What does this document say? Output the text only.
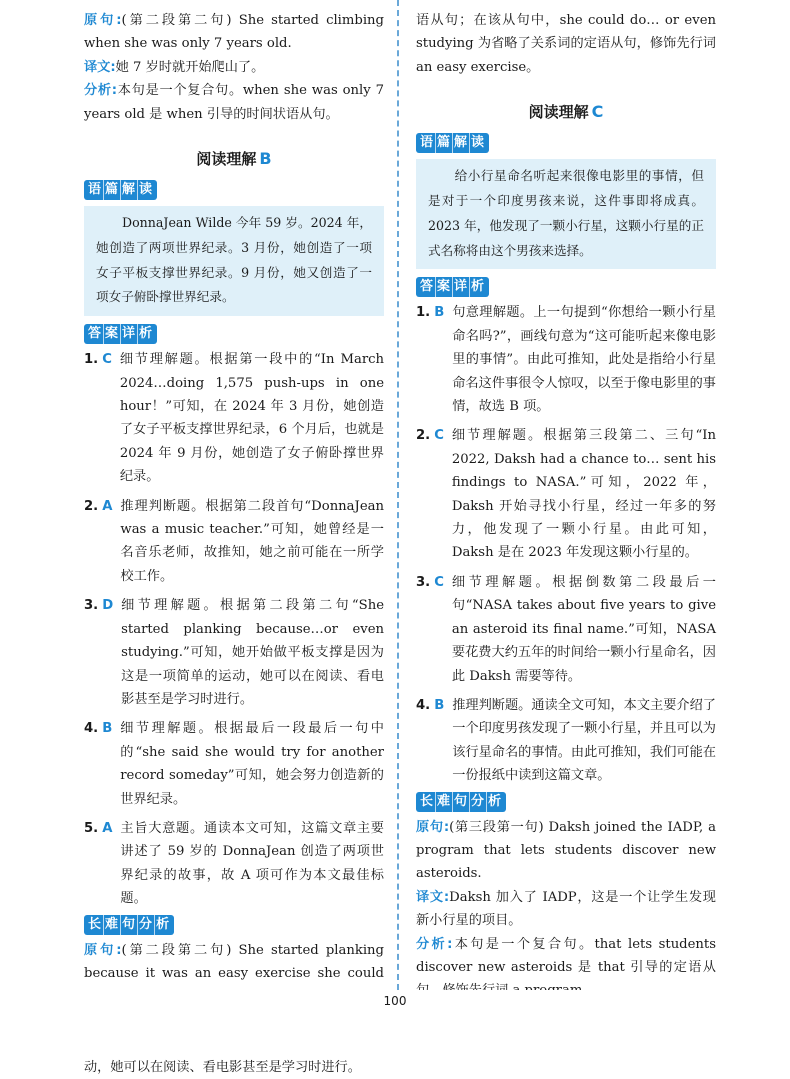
原句:(第二段第二句) She started climbing when she was only 7 years old.

译文:她 7 岁时就开始爬山了。

分析:本句是一个复合句。when she was only 7 years old 是 when 引导的时间状语从句。

阅读理解 B
语 篇 解 读
DonnaJean Wilde 今年 59 岁。2024 年，她创造了两项世界纪录。3 月份，她创造了一项女子平板支撑世界纪录。9 月份，她又创造了一项女子俯卧撑世界纪录。
答 案 详 析
1. C 细节理解题。根据第一段中的“In March 2024…doing 1,575 push-ups in one hour！”可知，在 2024 年 3 月份，她创造了女子平板支撑世界纪录，6 个月后，也就是 2024 年 9 月份，她创造了女子俯卧撑世界纪录。
2. A 推理判断题。根据第二段首句“DonnaJean was a music teacher.”可知，她曾经是一名音乐老师，故推知，她之前可能在一所学校工作。
3. D 细节理解题。根据第二段第二句“She started planking because…or even studying.”可知，她开始做平板支撑是因为这是一项简单的运动，她可以在阅读、看电影甚至是学习时进行。
4. B 细节理解题。根据最后一段最后一句中的“she said she would try for another record someday”可知，她会努力创造新的世界纪录。
5. A 主旨大意题。通读本文可知，这篇文章主要讲述了 59 岁的 DonnaJean 创造了两项世界纪录的故事，故 A 项可作为本文最佳标题。
长 难 句 分 析

原句:(第二段第二句) She started planking because it was an easy exercise she could

动，她可以在阅读、看电影甚至是学习时进行。

语从句；在该从句中，she could do… or even studying 为省略了关系词的定语从句，修饰先行词 an easy exercise。

阅读理解 C
语 篇 解 读
给小行星命名听起来很像电影里的事情，但是对于一个印度男孩来说，这件事即将成真。2023 年，他发现了一颗小行星，这颗小行星的正式名称将由这个男孩来选择。
答 案 详 析
1. B 句意理解题。上一句提到“你想给一颗小行星命名吗?”，画线句意为“这可能听起来像电影里的事情”。由此可推知，此处是指给小行星命名这件事很令人惊叹，以至于像电影里的事情，故选 B 项。
2. C 细节理解题。根据第三段第二、三句“In 2022, Daksh had a chance to… sent his findings to NASA.”可知，2022 年，Daksh 开始寻找小行星，经过一年多的努力，他发现了一颗小行星。由此可知，Daksh 是在 2023 年发现这颗小行星的。
3. C 细节理解题。根据倒数第二段最后一句“NASA takes about five years to give an asteroid its final name.”可知，NASA 要花费大约五年的时间给一颗小行星命名，因此 Daksh 需要等待。
4. B 推理判断题。通读全文可知，本文主要介绍了一个印度男孩发现了一颗小行星，并且可以为该行星命名的事情。由此可推知，我们可能在一份报纸中读到这篇文章。
长 难 句 分 析

原句:(第三段第一句) Daksh joined the IADP, a program that lets students discover new asteroids.

译文:Daksh 加入了 IADP，这是一个让学生发现新小行星的项目。

分析:本句是一个复合句。that lets students discover new asteroids 是 that 引导的定语从

100
